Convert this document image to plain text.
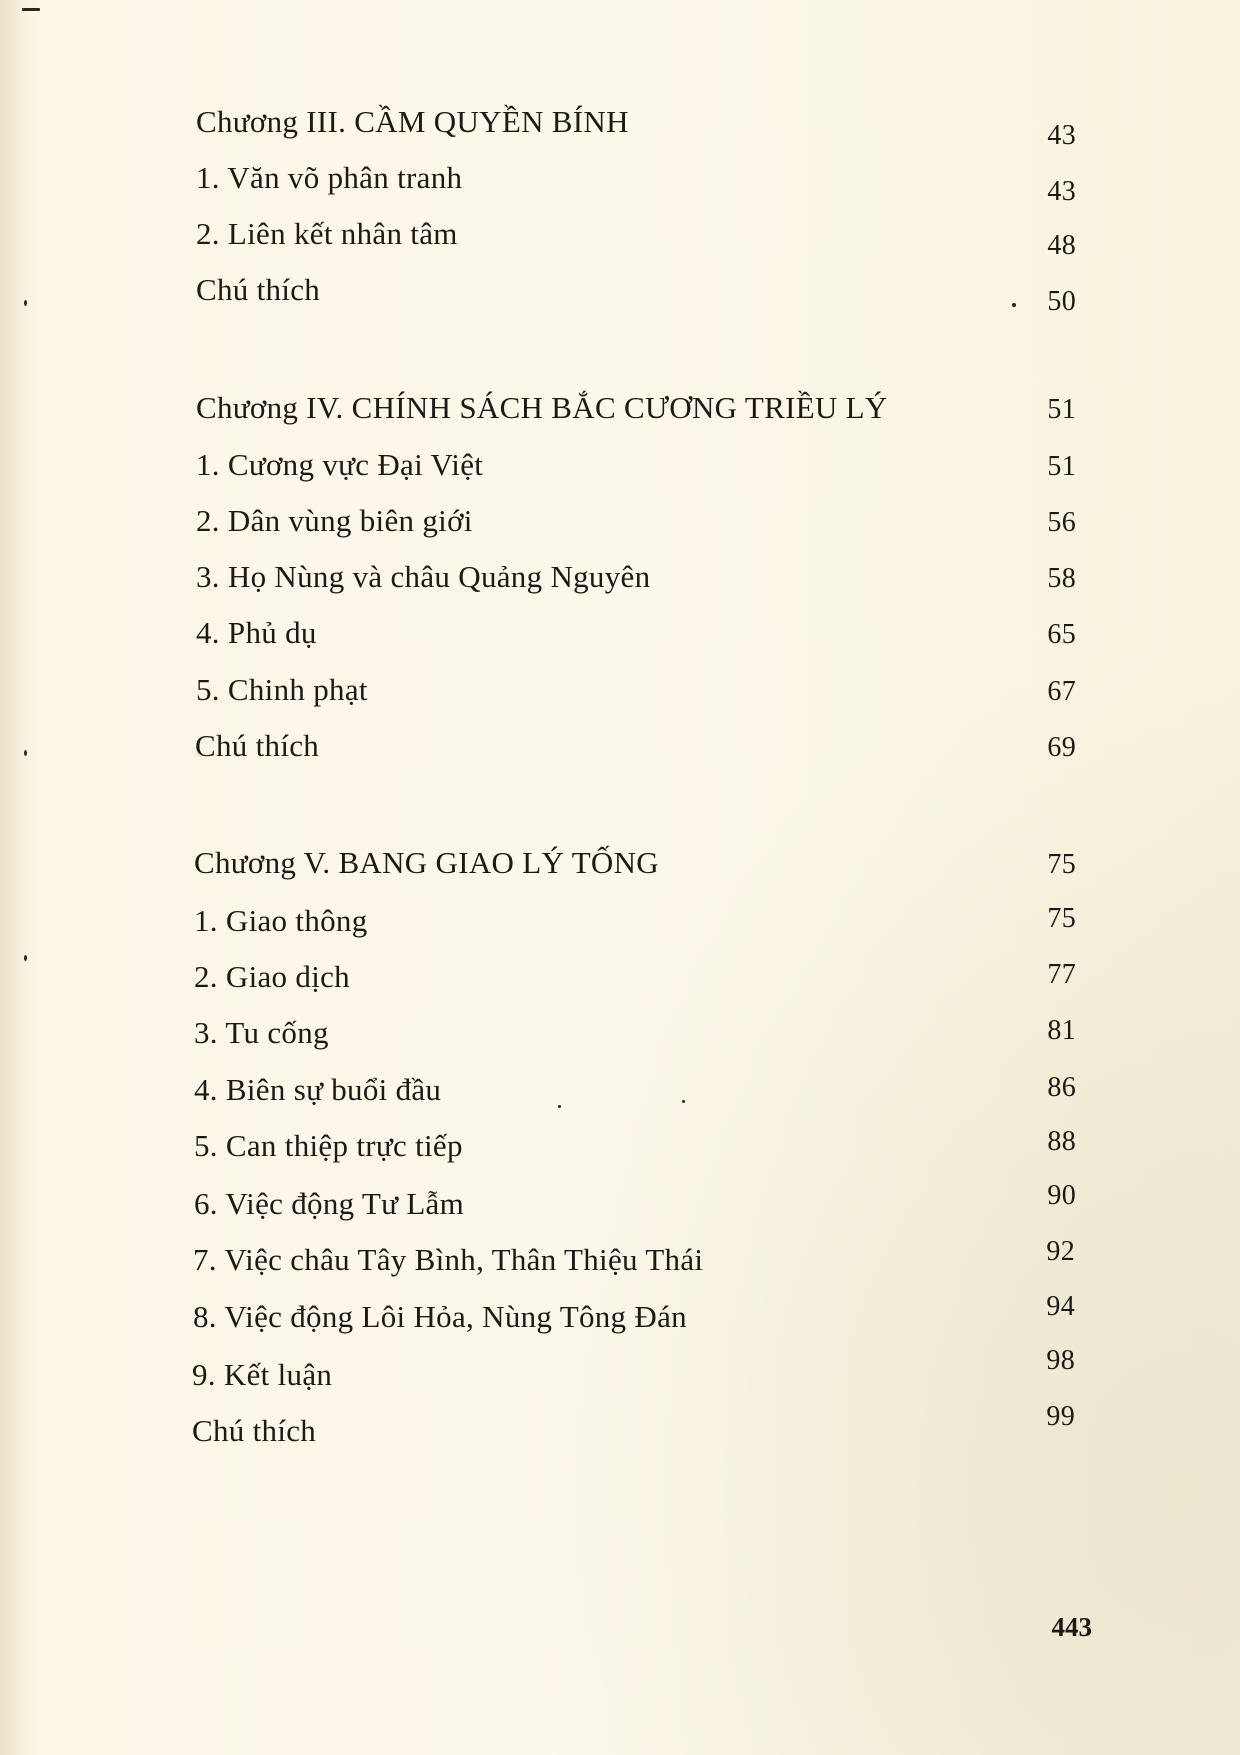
Chương III. CẦM QUYỀN BÍNH	43
1. Văn võ phân tranh	43
2. Liên kết nhân tâm	48
Chú thích	50
Chương IV. CHÍNH SÁCH BẮC CƯƠNG TRIỀU LÝ	51
1. Cương vực Đại Việt	51
2. Dân vùng biên giới	56
3. Họ Nùng và châu Quảng Nguyên	58
4. Phủ dụ	65
5. Chinh phạt	67
Chú thích	69
Chương V. BANG GIAO LÝ TỐNG	75
1. Giao thông	75
2. Giao dịch	77
3. Tu cống	81
4. Biên sự buổi đầu	86
5. Can thiệp trực tiếp	88
6. Việc động Tư Lẫm	90
7. Việc châu Tây Bình, Thân Thiệu Thái	92
8. Việc động Lôi Hỏa, Nùng Tông Đán	94
9. Kết luận	98
Chú thích	99
443
